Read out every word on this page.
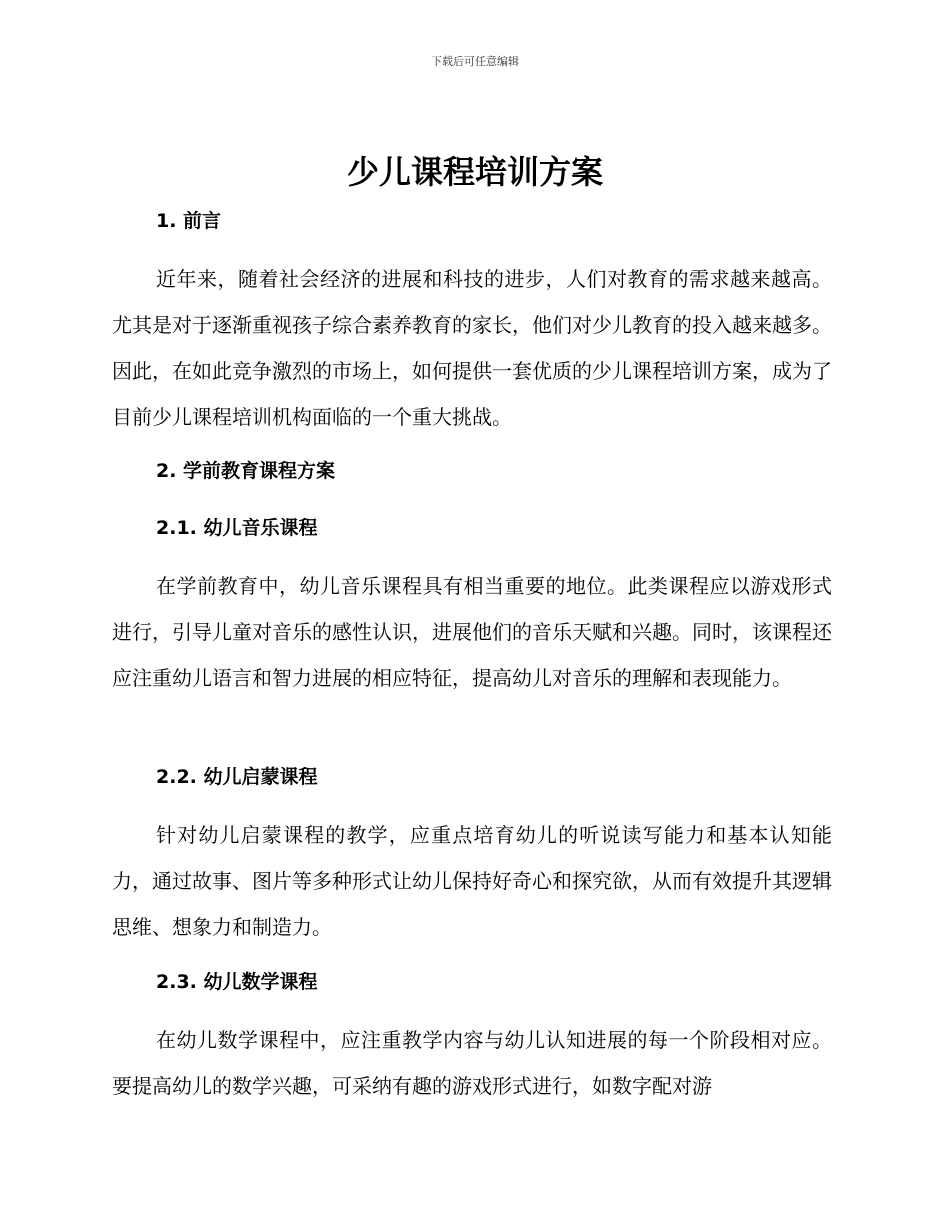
下载后可任意编辑
少儿课程培训方案
1. 前言

近年来，随着社会经济的进展和科技的进步，人们对教育的需求越来越高。尤其是对于逐渐重视孩子综合素养教育的家长，他们对少儿教育的投入越来越多。因此，在如此竞争激烈的市场上，如何提供一套优质的少儿课程培训方案，成为了目前少儿课程培训机构面临的一个重大挑战。

2. 学前教育课程方案
2.1. 幼儿音乐课程

在学前教育中，幼儿音乐课程具有相当重要的地位。此类课程应以游戏形式进行，引导儿童对音乐的感性认识，进展他们的音乐天赋和兴趣。同时，该课程还应注重幼儿语言和智力进展的相应特征，提高幼儿对音乐的理解和表现能力。

2.2. 幼儿启蒙课程

针对幼儿启蒙课程的教学，应重点培育幼儿的听说读写能力和基本认知能力，通过故事、图片等多种形式让幼儿保持好奇心和探究欲，从而有效提升其逻辑思维、想象力和制造力。

2.3. 幼儿数学课程

在幼儿数学课程中，应注重教学内容与幼儿认知进展的每一个阶段相对应。要提高幼儿的数学兴趣，可采纳有趣的游戏形式进行，如数字配对游
